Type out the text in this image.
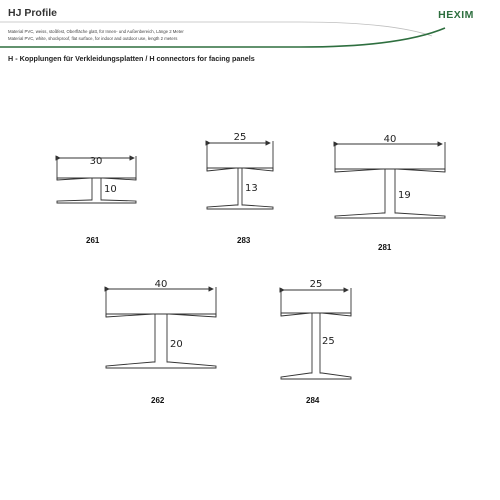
HJ Profile
Material PVC, weiss, stoßfest, Oberfläche glatt, für Innen- und Außenbereich, Länge 2 Meter
Material PVC, white, shockproof, flat surface, for indoor and outdoor use, length 2 meters
H - Kopplungen für Verkleidungsplatten / H connectors for facing panels
HEXIM
30
10
25
13
40
19
40
20
25
25
261	283
281
262	284
